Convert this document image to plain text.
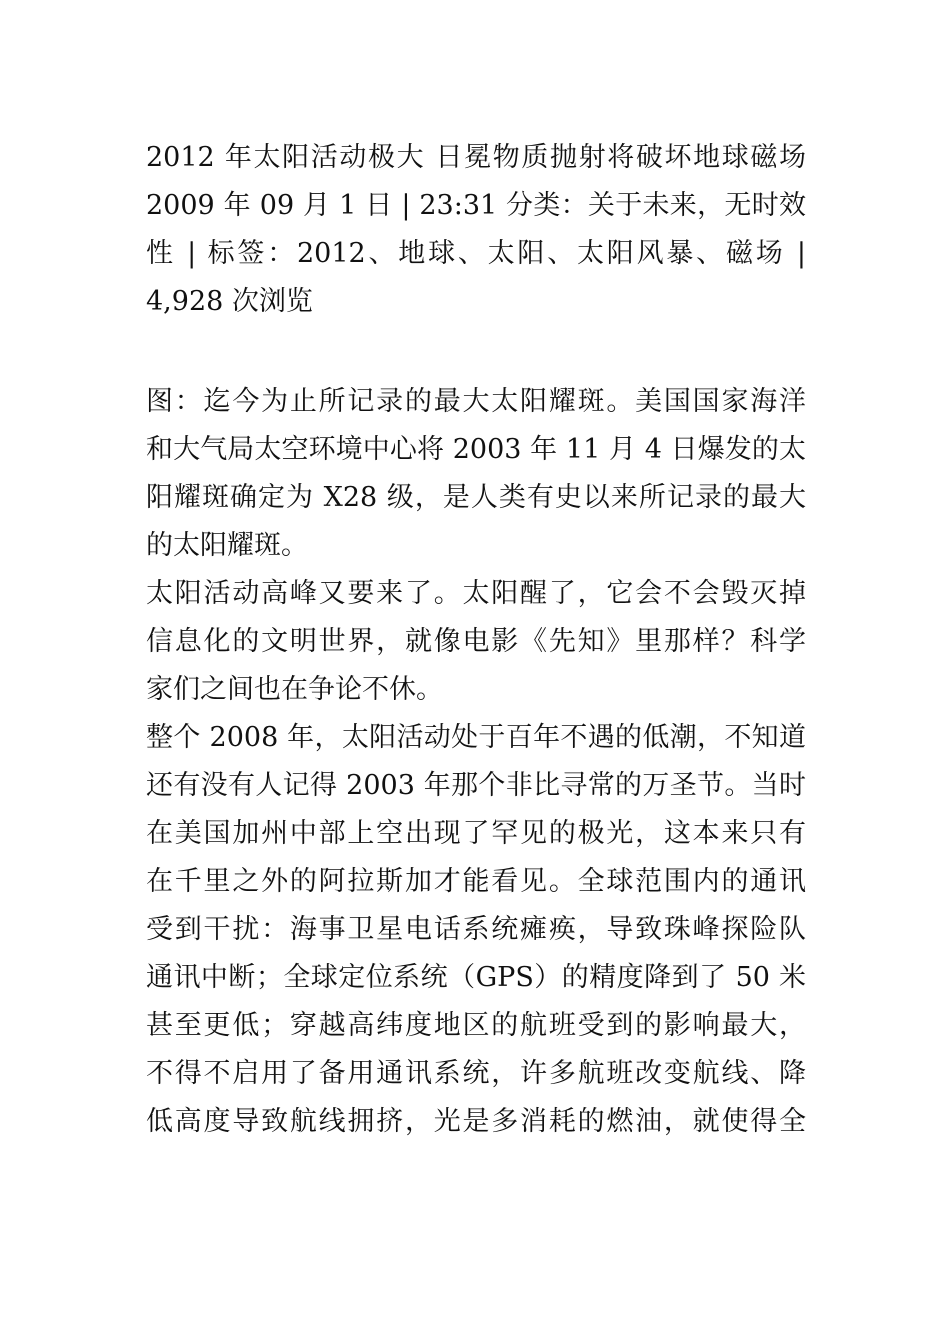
2012 年太阳活动极大 日冕物质抛射将破坏地球磁场
2009 年 09 月 1 日 | 23:31 分类：关于未来，无时效
性 | 标签：2012、地球、太阳、太阳风暴、磁场 |
4,928 次浏览
图：迄今为止所记录的最大太阳耀斑。美国国家海洋
和大气局太空环境中心将 2003 年 11 月 4 日爆发的太
阳耀斑确定为 X28 级，是人类有史以来所记录的最大
的太阳耀斑。
太阳活动高峰又要来了。太阳醒了，它会不会毁灭掉
信息化的文明世界，就像电影《先知》里那样？科学
家们之间也在争论不休。
整个 2008 年，太阳活动处于百年不遇的低潮，不知道
还有没有人记得 2003 年那个非比寻常的万圣节。当时
在美国加州中部上空出现了罕见的极光，这本来只有
在千里之外的阿拉斯加才能看见。全球范围内的通讯
受到干扰：海事卫星电话系统瘫痪，导致珠峰探险队
通讯中断；全球定位系统（GPS）的精度降到了 50 米
甚至更低；穿越高纬度地区的航班受到的影响最大，
不得不启用了备用通讯系统，许多航班改变航线、降
低高度导致航线拥挤，光是多消耗的燃油，就使得全
